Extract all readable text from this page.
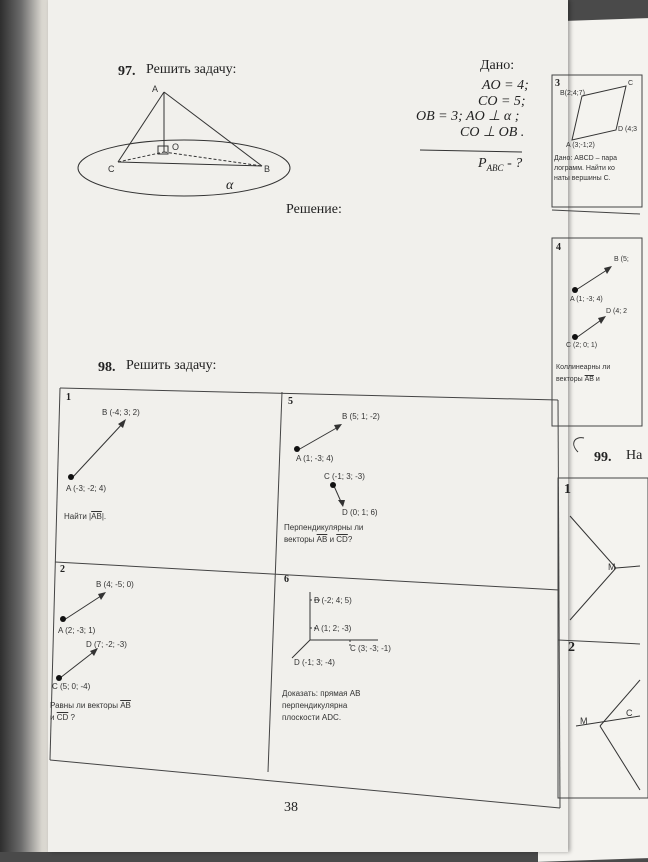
97. Решить задачу:
A
O
C	B
α
Дано:
AO = 4;
CO = 5;
OB = 3; AO ⊥ α ;
CO ⊥ OB .
$P_{ABC}$ - ?
Решение:
98. Решить задачу:
1
B (-4; 3; 2)
A (-3; -2; 4)
Найти $|\overline{AB}|$.
2
B (4; -5; 0)
A (2; -3; 1)
D (7; -2; -3)
C (5; 0; -4)
Равны ли векторы $\overline{AB}$
и $\overline{CD}$ ?
5
B (5; 1; -2)
A (1; -3; 4)
C (-1; 3; -3)
D (0; 1; 6)
Перпендикулярны ли
векторы $\overline{AB}$ и $\overline{CD}$?
6
B (-2; 4; 5)
A (1; 2; -3)
C (3; -3; -1)
D (-1; 3; -4)
Доказать: прямая AB
перпендикулярна
плоскости ADC.
38
3
B(2;4;7)
C
A (3;-1;2)
D (4;3
Дано: ABCD – пара
лограмм. Найти ко
наты вершины C.
4
B (5;
A (1; -3; 4)
D (4; 2
C (2; 0; 1)
Коллинеарны ли
векторы $\overline{AB}$ и
99. На
1
M
2
M
C
